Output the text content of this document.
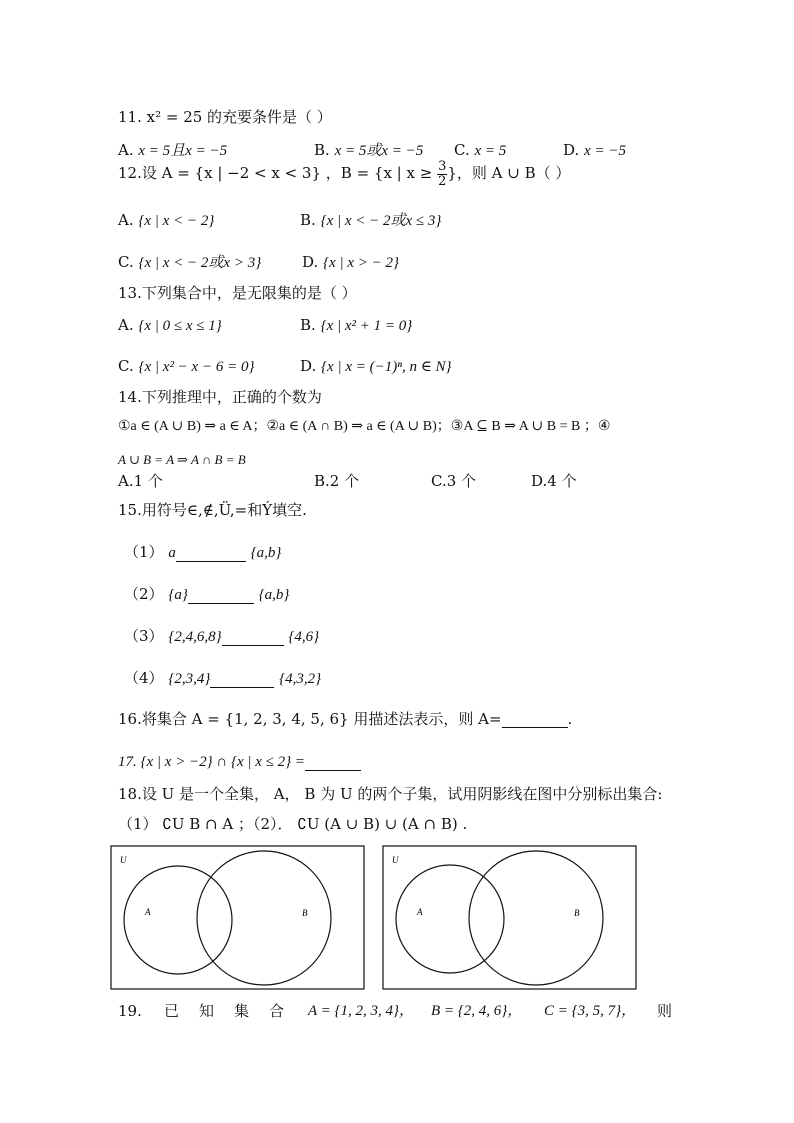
11. x² = 25 的充要条件是（ ）
A. x = 5且x = −5	B. x = 5或x = −5 C. x = 5	D. x = −5
12.设 A = {x | −2 < x < 3} ，B = {x | $x \ge \frac{3}{2}$ }，则 A ∪ B（ ）
A. {x | x < − 2}	B. {x | x < − 2或x ≤ 3}
C. {x | x < − 2或x > 3}	D. {x | x > − 2}
13.下列集合中，是无限集的是（ ）
A. {x | 0 ≤ x ≤ 1}	B. {x | x² + 1 = 0}
C. {x | x² − x − 6 = 0}	D. {x | x = (−1)ⁿ, n ∈ N}
14.下列推理中，正确的个数为
①a ∈ (A ∪ B) ⇒ a ∈ A；②a ∈ (A ∩ B) ⇒ a ∈ (A ∪ B)；③A ⊆ B ⇒ A ∪ B = B ；④
A ∪ B = A ⇒ A ∩ B = B
A.1 个	B.2 个	C.3 个	D.4 个
15.用符号∈,∉,Ü,=和Ý填空.
（1） a	{a,b}
（2） {a}	{a,b}
（3） {2,4,6,8}	{4,6}
（4） {2,3,4}	{4,3,2}
16.将集合 A = {1, 2, 3, 4, 5, 6} 用描述法表示，则 A=	.
17. {x | x > −2} ∩ {x | x ≤ 2} =
18.设 U 是一个全集， A， B 为 U 的两个子集，试用阴影线在图中分别标出集合:
（1） ∁U B ∩ A ；（2）． ∁U (A ∪ B) ∪ (A ∩ B) .
U
A	B
U
A	B
19. 已 知 集 合 A = {1, 2, 3, 4}， B = {2, 4, 6}， C = {3, 5, 7}， 则
